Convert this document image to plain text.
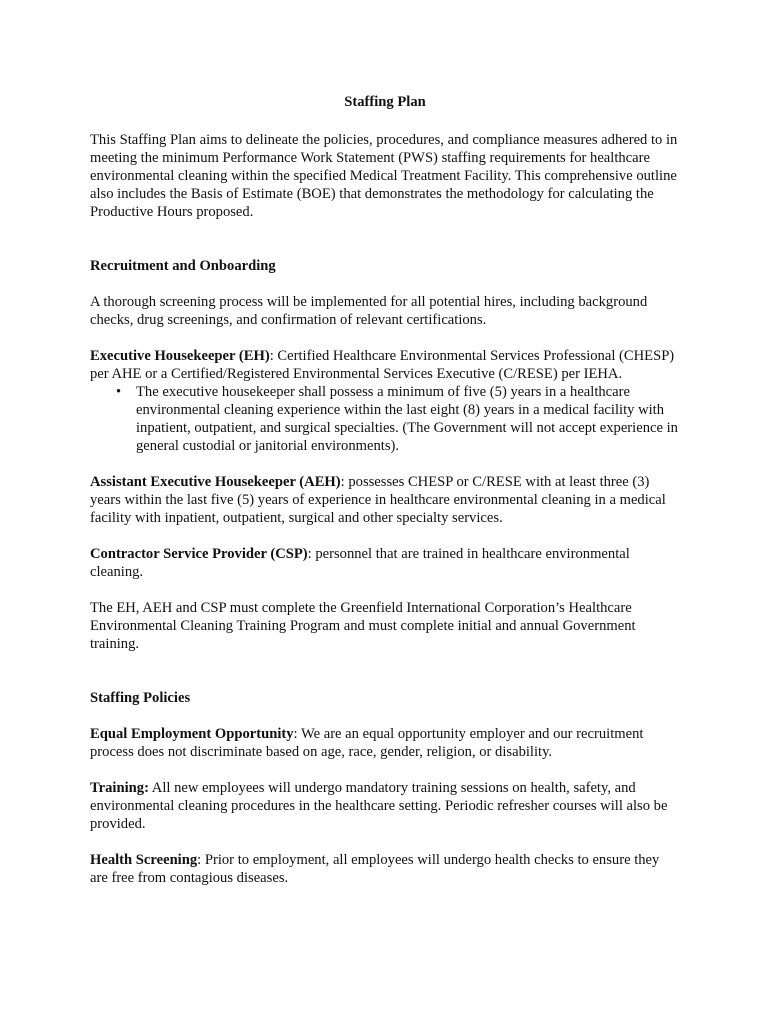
Staffing Plan

This Staffing Plan aims to delineate the policies, procedures, and compliance measures adhered to in meeting the minimum Performance Work Statement (PWS) staffing requirements for healthcare environmental cleaning within the specified Medical Treatment Facility. This comprehensive outline also includes the Basis of Estimate (BOE) that demonstrates the methodology for calculating the Productive Hours proposed.

Recruitment and Onboarding

A thorough screening process will be implemented for all potential hires, including background checks, drug screenings, and confirmation of relevant certifications.

Executive Housekeeper (EH): Certified Healthcare Environmental Services Professional (CHESP) per AHE or a Certified/Registered Environmental Services Executive (C/RESE) per IEHA.

• The executive housekeeper shall possess a minimum of five (5) years in a healthcare environmental cleaning experience within the last eight (8) years in a medical facility with inpatient, outpatient, and surgical specialties. (The Government will not accept experience in general custodial or janitorial environments).

Assistant Executive Housekeeper (AEH): possesses CHESP or C/RESE with at least three (3) years within the last five (5) years of experience in healthcare environmental cleaning in a medical facility with inpatient, outpatient, surgical and other specialty services.

Contractor Service Provider (CSP): personnel that are trained in healthcare environmental cleaning.

The EH, AEH and CSP must complete the Greenfield International Corporation’s Healthcare Environmental Cleaning Training Program and must complete initial and annual Government training.

Staffing Policies

Equal Employment Opportunity: We are an equal opportunity employer and our recruitment process does not discriminate based on age, race, gender, religion, or disability.

Training: All new employees will undergo mandatory training sessions on health, safety, and environmental cleaning procedures in the healthcare setting. Periodic refresher courses will also be provided.

Health Screening: Prior to employment, all employees will undergo health checks to ensure they are free from contagious diseases.
